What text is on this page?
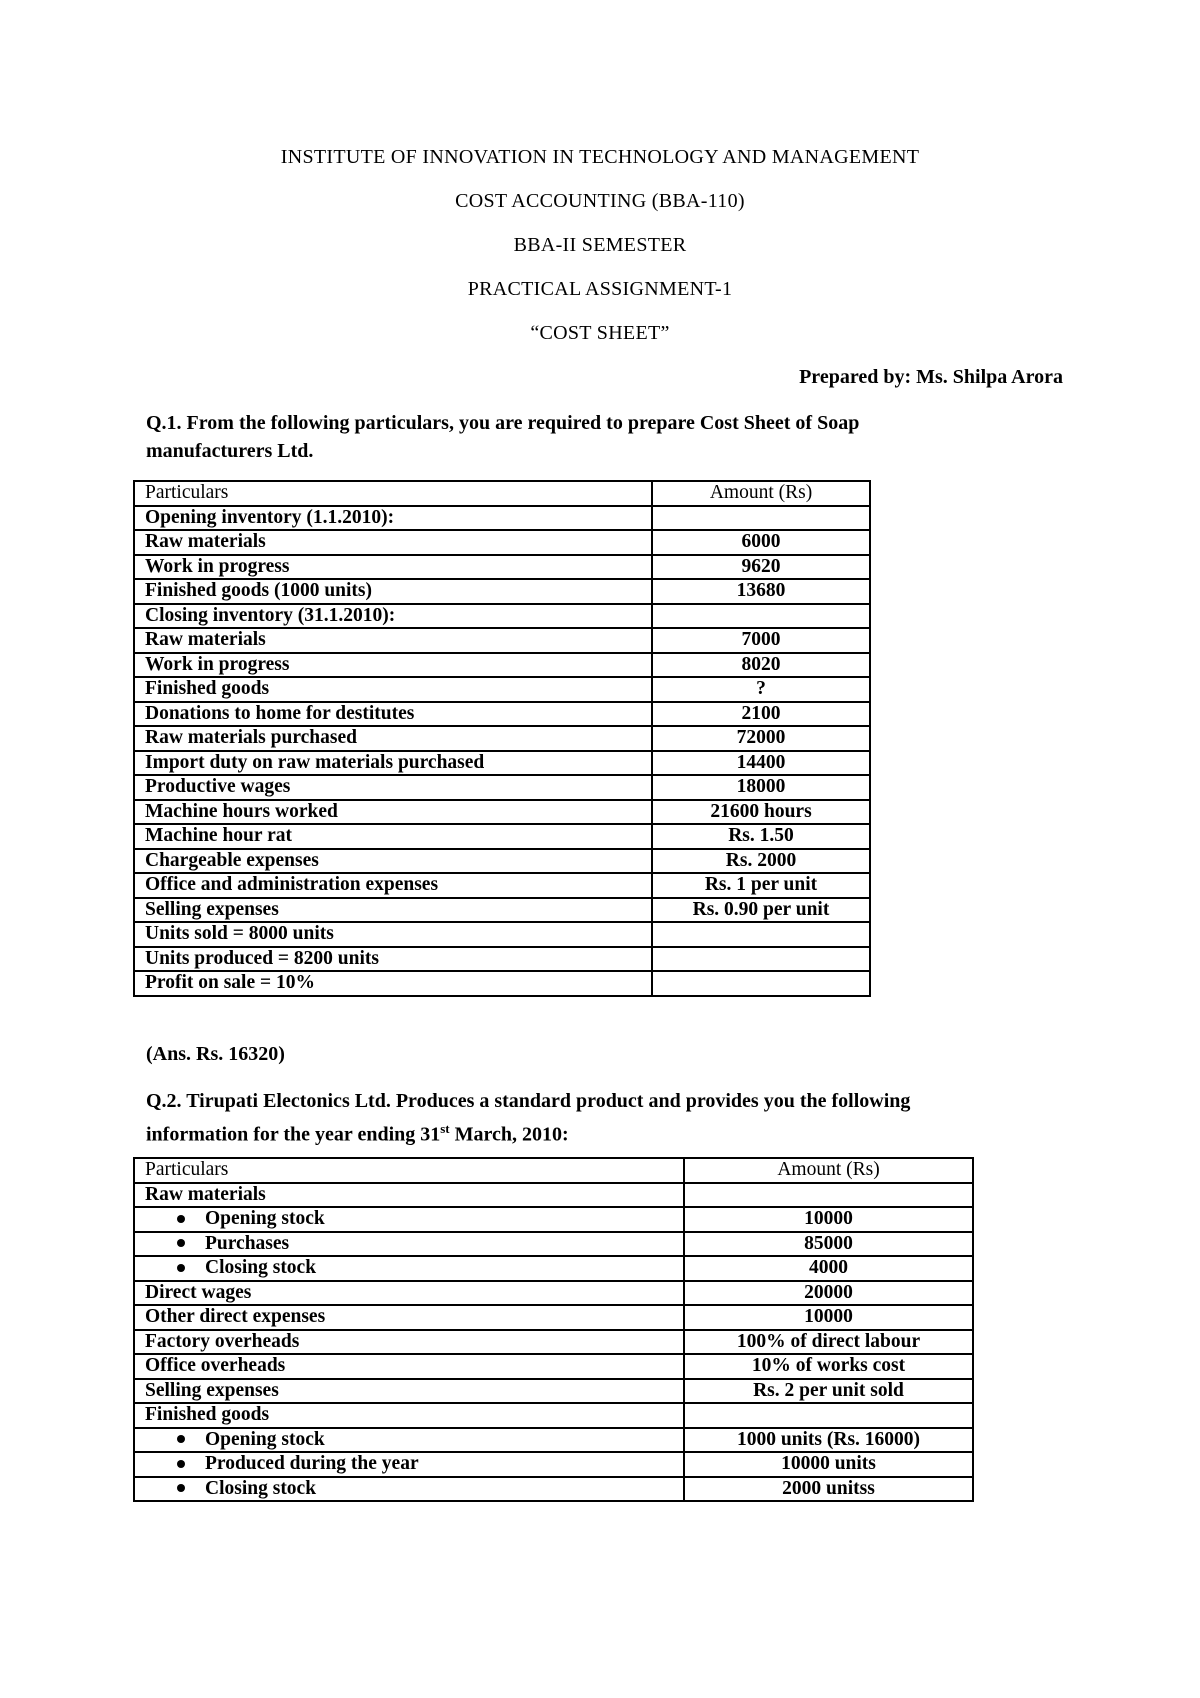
INSTITUTE OF INNOVATION IN TECHNOLOGY AND MANAGEMENT

COST ACCOUNTING (BBA-110)

BBA-II SEMESTER

PRACTICAL ASSIGNMENT-1

“COST SHEET”

Prepared by: Ms. Shilpa Arora

Q.1. From the following particulars, you are required to prepare Cost Sheet of Soap
manufacturers Ltd.
Particulars	Amount (Rs)
Opening inventory (1.1.2010):	
Raw materials	6000
Work in progress	9620
Finished goods (1000 units)	13680
Closing inventory (31.1.2010):	
Raw materials	7000
Work in progress	8020
Finished goods	?
Donations to home for destitutes	2100
Raw materials purchased	72000
Import duty on raw materials purchased	14400
Productive wages	18000
Machine hours worked	21600 hours
Machine hour rat	Rs. 1.50
Chargeable expenses	Rs. 2000
Office and administration expenses	Rs. 1 per unit
Selling expenses	Rs. 0.90 per unit
Units sold = 8000 units	
Units produced = 8200 units	
Profit on sale = 10%	

(Ans. Rs. 16320)

Q.2. Tirupati Electonics Ltd. Produces a standard product and provides you the following
information for the year ending 31st March, 2010:
Particulars	Amount (Rs)
Raw materials	
Opening stock	10000
Purchases	85000
Closing stock	4000
Direct wages	20000
Other direct expenses	10000
Factory overheads	100% of direct labour
Office overheads	10% of works cost
Selling expenses	Rs. 2 per unit sold
Finished goods	
Opening stock	1000 units (Rs. 16000)
Produced during the year	10000 units
Closing stock	2000 unitss
